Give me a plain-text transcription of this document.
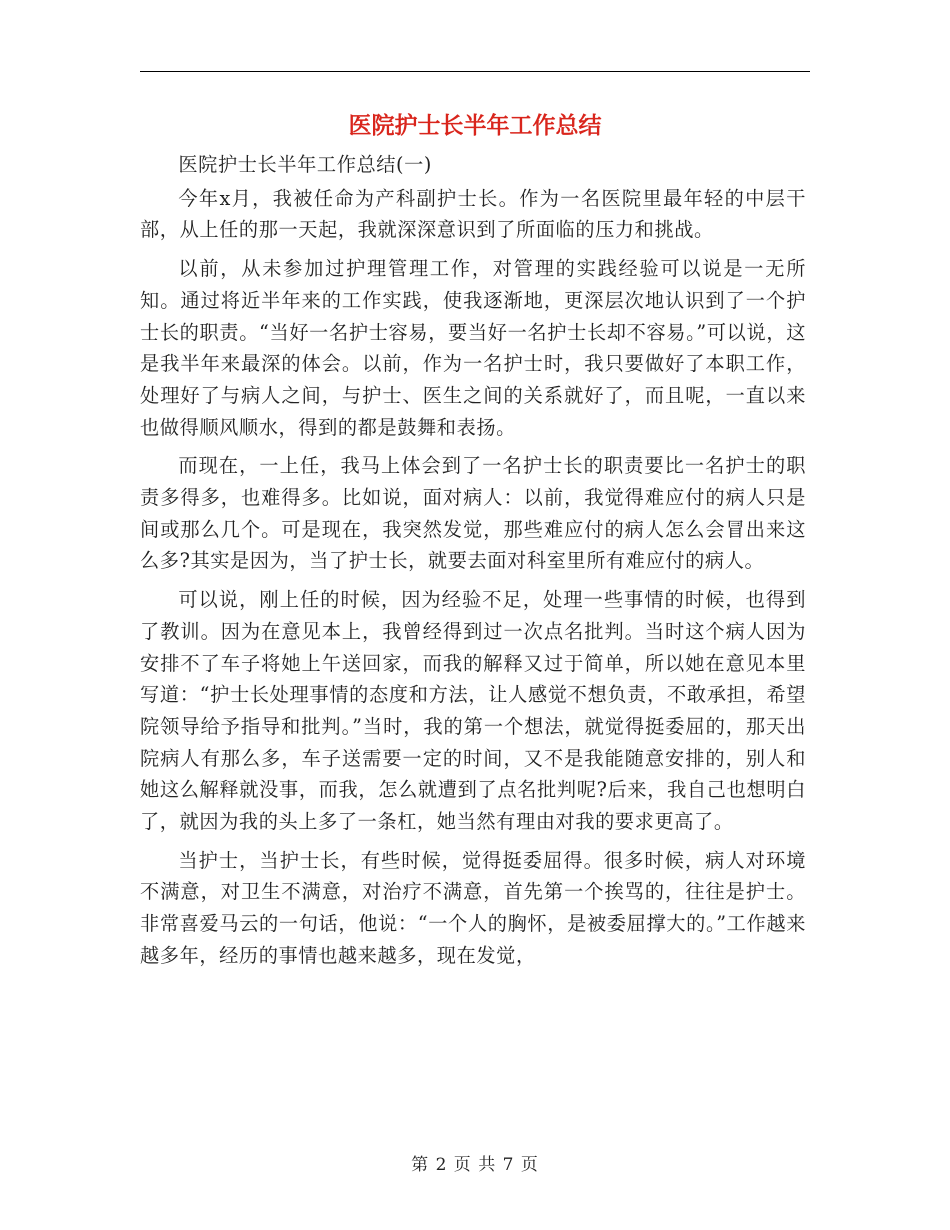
医院护士长半年工作总结

医院护士长半年工作总结(一)

今年x月，我被任命为产科副护士长。作为一名医院里最年轻的中层干部，从上任的那一天起，我就深深意识到了所面临的压力和挑战。

以前，从未参加过护理管理工作，对管理的实践经验可以说是一无所知。通过将近半年来的工作实践，使我逐渐地，更深层次地认识到了一个护士长的职责。“当好一名护士容易，要当好一名护士长却不容易。”可以说，这是我半年来最深的体会。以前，作为一名护士时，我只要做好了本职工作，处理好了与病人之间，与护士、医生之间的关系就好了，而且呢，一直以来也做得顺风顺水，得到的都是鼓舞和表扬。

而现在，一上任，我马上体会到了一名护士长的职责要比一名护士的职责多得多，也难得多。比如说，面对病人：以前，我觉得难应付的病人只是间或那么几个。可是现在，我突然发觉，那些难应付的病人怎么会冒出来这么多?其实是因为，当了护士长，就要去面对科室里所有难应付的病人。

可以说，刚上任的时候，因为经验不足，处理一些事情的时候，也得到了教训。因为在意见本上，我曾经得到过一次点名批判。当时这个病人因为安排不了车子将她上午送回家，而我的解释又过于简单，所以她在意见本里写道：“护士长处理事情的态度和方法，让人感觉不想负责，不敢承担，希望院领导给予指导和批判。”当时，我的第一个想法，就觉得挺委屈的，那天出院病人有那么多，车子送需要一定的时间，又不是我能随意安排的，别人和她这么解释就没事，而我，怎么就遭到了点名批判呢?后来，我自己也想明白了，就因为我的头上多了一条杠，她当然有理由对我的要求更高了。

当护士，当护士长，有些时候，觉得挺委屈得。很多时候，病人对环境不满意，对卫生不满意，对治疗不满意，首先第一个挨骂的，往往是护士。非常喜爱马云的一句话，他说：“一个人的胸怀，是被委屈撑大的。”工作越来越多年，经历的事情也越来越多，现在发觉，

第 2 页 共 7 页
